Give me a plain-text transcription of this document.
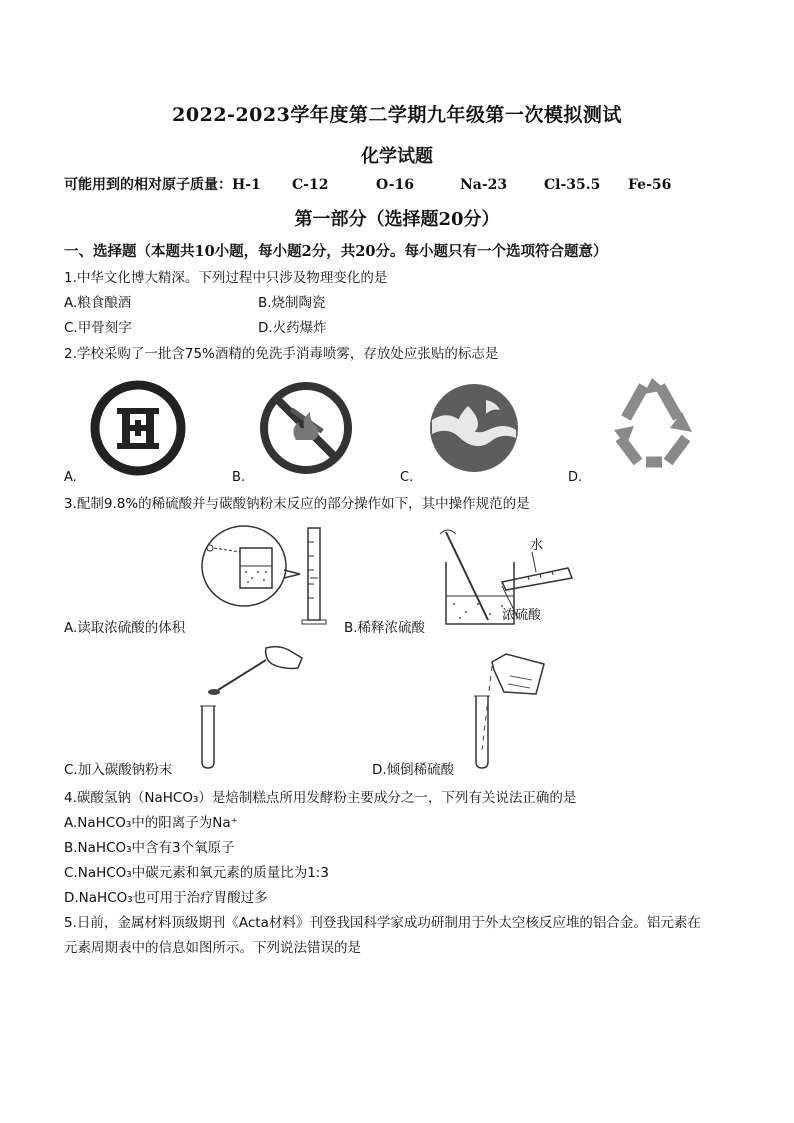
2022-2023学年度第二学期九年级第一次模拟测试
化学试题
可能用到的相对原子质量：H-1 C-12	O-16	Na-23	Cl-35.5 Fe-56
第一部分（选择题20分）
一、选择题（本题共10小题，每小题2分，共20分。每小题只有一个选项符合题意）
1.中华文化博大精深。下列过程中只涉及物理变化的是
A.粮食酿酒	B.烧制陶瓷
C.甲骨刻字	D.火药爆炸
2.学校采购了一批含75%酒精的免洗手消毒喷雾，存放处应张贴的标志是
A.	B.	C.	D.
3.配制9.8%的稀硫酸并与碳酸钠粉末反应的部分操作如下，其中操作规范的是
A.读取浓硫酸的体积
水
浓硫酸
B.稀释浓硫酸
C.加入碳酸钠粉末	D.倾倒稀硫酸
4.碳酸氢钠（NaHCO₃）是焙制糕点所用发酵粉主要成分之一，下列有关说法正确的是
A.NaHCO₃中的阳离子为Na⁺
B.NaHCO₃中含有3个氧原子
C.NaHCO₃中碳元素和氧元素的质量比为1:3
D.NaHCO₃也可用于治疗胃酸过多
5.日前，金属材料顶级期刊《Acta材料》刊登我国科学家成功研制用于外太空核反应堆的铝合金。铝元素在
元素周期表中的信息如图所示。下列说法错误的是
